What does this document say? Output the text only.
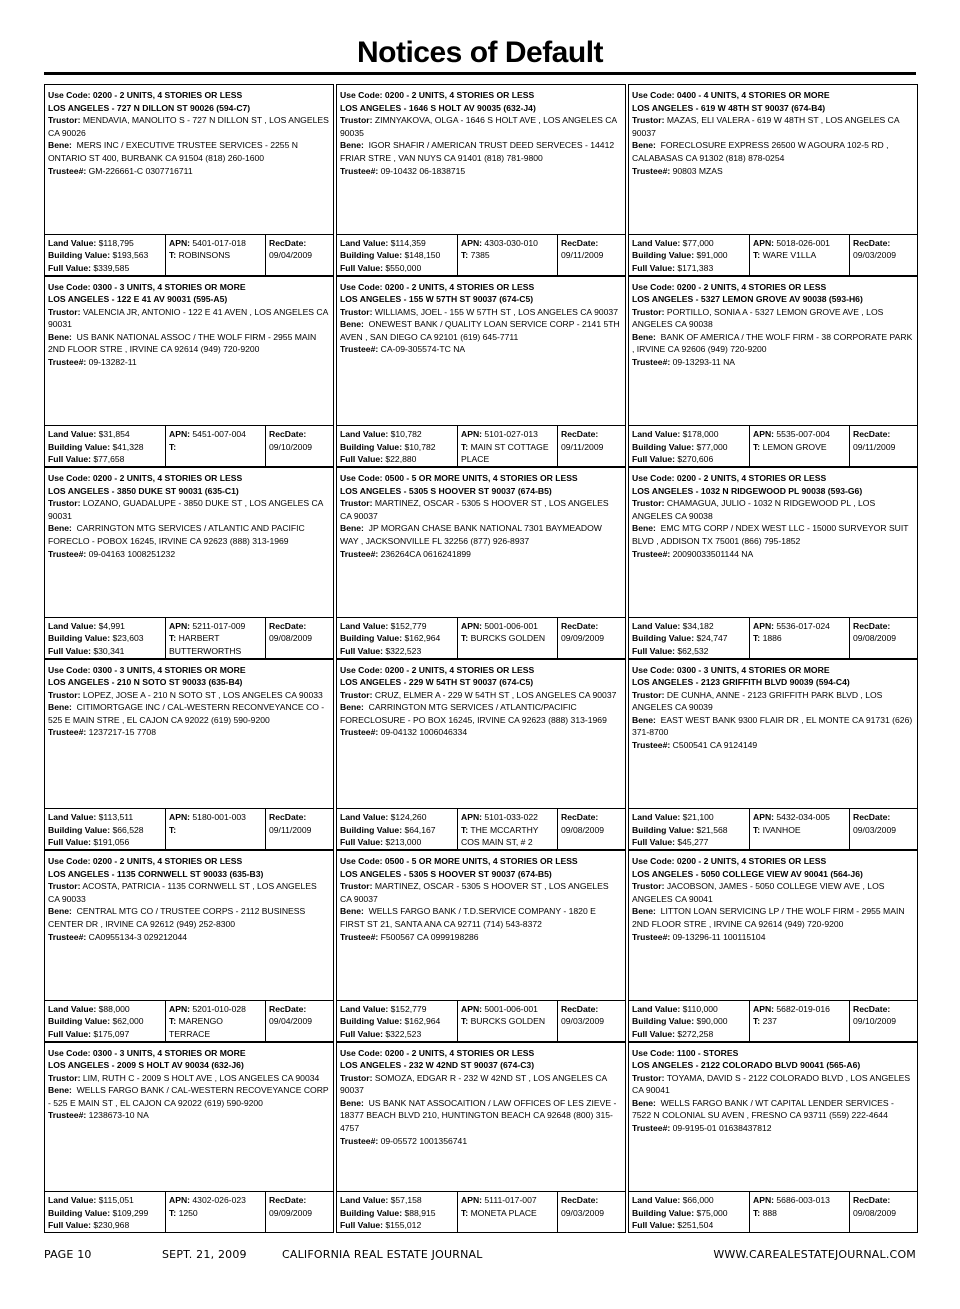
Notices of Default
Use Code: 0200 - 2 UNITS, 4 STORIES OR LESS
LOS ANGELES - 727 N DILLON ST 90026 (594-C7)
Trustor: MENDAVIA, MANOLITO S - 727 N DILLON ST , LOS ANGELES CA 90026
Bene: MERS INC / EXECUTIVE TRUSTEE SERVICES - 2255 N ONTARIO ST 400, BURBANK CA 91504 (818) 260-1600
Trustee#: GM-226661-C 0307716711
Land Value: $118,795
Building Value: $193,563
Full Value: $339,585
APN: 5401-017-018
T: ROBINSONS
RecDate:
09/04/2009
Use Code: 0200 - 2 UNITS, 4 STORIES OR LESS
LOS ANGELES - 1646 S HOLT AV 90035 (632-J4)
Trustor: ZIMNYAKOVA, OLGA - 1646 S HOLT AVE , LOS ANGELES CA 90035
Bene: IGOR SHAFIR / AMERICAN TRUST DEED SERVECES - 14412 FRIAR STRE , VAN NUYS CA 91401 (818) 781-9800
Trustee#: 09-10432 06-1838715
Land Value: $114,359
Building Value: $148,150
Full Value: $550,000
APN: 4303-030-010
T: 7385
RecDate:
09/11/2009
Use Code: 0400 - 4 UNITS, 4 STORIES OR MORE
LOS ANGELES - 619 W 48TH ST 90037 (674-B4)
Trustor: MAZAS, ELI VALERA - 619 W 48TH ST , LOS ANGELES CA 90037
Bene: FORECLOSURE EXPRESS 26500 W AGOURA 102-5 RD , CALABASAS CA 91302 (818) 878-0254
Trustee#: 90803 MZAS
Land Value: $77,000
Building Value: $91,000
Full Value: $171,383
APN: 5018-026-001
T: WARE V1LLA
RecDate:
09/03/2009
Use Code: 0300 - 3 UNITS, 4 STORIES OR MORE
LOS ANGELES - 122 E 41 AV 90031 (595-A5)
Trustor: VALENCIA JR, ANTONIO - 122 E 41 AVEN , LOS ANGELES CA 90031
Bene: US BANK NATIONAL ASSOC / THE WOLF FIRM - 2955 MAIN 2ND FLOOR STRE , IRVINE CA 92614 (949) 720-9200
Trustee#: 09-13282-11
Land Value: $31,854
Building Value: $41,328
Full Value: $77,658
APN: 5451-007-004
T:
RecDate:
09/10/2009
Use Code: 0200 - 2 UNITS, 4 STORIES OR LESS
LOS ANGELES - 155 W 57TH ST 90037 (674-C5)
Trustor: WILLIAMS, JOEL - 155 W 57TH ST , LOS ANGELES CA 90037
Bene: ONEWEST BANK / QUALITY LOAN SERVICE CORP - 2141 5TH AVEN , SAN DIEGO CA 92101 (619) 645-7711
Trustee#: CA-09-305574-TC NA
Land Value: $10,782
Building Value: $10,782
Full Value: $22,880
APN: 5101-027-013
T: MAIN ST COTTAGE PLACE
RecDate:
09/11/2009
Use Code: 0200 - 2 UNITS, 4 STORIES OR LESS
LOS ANGELES - 5327 LEMON GROVE AV 90038 (593-H6)
Trustor: PORTILLO, SONIA A - 5327 LEMON GROVE AVE , LOS ANGELES CA 90038
Bene: BANK OF AMERICA / THE WOLF FIRM - 38 CORPORATE PARK , IRVINE CA 92606 (949) 720-9200
Trustee#: 09-13293-11 NA
Land Value: $178,000
Building Value: $77,000
Full Value: $270,606
APN: 5535-007-004
T: LEMON GROVE
RecDate:
09/11/2009
Use Code: 0200 - 2 UNITS, 4 STORIES OR LESS
LOS ANGELES - 3850 DUKE ST 90031 (635-C1)
Trustor: LOZANO, GUADALUPE - 3850 DUKE ST , LOS ANGELES CA 90031
Bene: CARRINGTON MTG SERVICES / ATLANTIC AND PACIFIC FORECLO - POBOX 16245, IRVINE CA 92623 (888) 313-1969
Trustee#: 09-04163 1008251232
Land Value: $4,991
Building Value: $23,603
Full Value: $30,341
APN: 5211-017-009
T: HARBERT BUTTERWORTHS
RecDate:
09/08/2009
Use Code: 0500 - 5 OR MORE UNITS, 4 STORIES OR LESS
LOS ANGELES - 5305 S HOOVER ST 90037 (674-B5)
Trustor: MARTINEZ, OSCAR - 5305 S HOOVER ST , LOS ANGELES CA 90037
Bene: JP MORGAN CHASE BANK NATIONAL 7301 BAYMEADOW WAY , JACKSONVILLE FL 32256 (877) 926-8937
Trustee#: 236264CA 0616241899
Land Value: $152,779
Building Value: $162,964
Full Value: $322,523
APN: 5001-006-001
T: BURCKS GOLDEN
RecDate:
09/09/2009
Use Code: 0200 - 2 UNITS, 4 STORIES OR LESS
LOS ANGELES - 1032 N RIDGEWOOD PL 90038 (593-G6)
Trustor: CHAMAGUA, JULIO - 1032 N RIDGEWOOD PL , LOS ANGELES CA 90038
Bene: EMC MTG CORP / NDEX WEST LLC - 15000 SURVEYOR SUIT BLVD , ADDISON TX 75001 (866) 795-1852
Trustee#: 20090033501144 NA
Land Value: $34,182
Building Value: $24,747
Full Value: $62,532
APN: 5536-017-024
T: 1886
RecDate:
09/08/2009
Use Code: 0300 - 3 UNITS, 4 STORIES OR MORE
LOS ANGELES - 210 N SOTO ST 90033 (635-B4)
Trustor: LOPEZ, JOSE A - 210 N SOTO ST , LOS ANGELES CA 90033
Bene: CITIMORTGAGE INC / CAL-WESTERN RECONVEYANCE CO - 525 E MAIN STRE , EL CAJON CA 92022 (619) 590-9200
Trustee#: 1237217-15 7708
Land Value: $113,511
Building Value: $66,528
Full Value: $191,056
APN: 5180-001-003
T:
RecDate:
09/11/2009
Use Code: 0200 - 2 UNITS, 4 STORIES OR LESS
LOS ANGELES - 229 W 54TH ST 90037 (674-C5)
Trustor: CRUZ, ELMER A - 229 W 54TH ST , LOS ANGELES CA 90037
Bene: CARRINGTON MTG SERVICES / ATLANTIC/PACIFIC FORECLOSURE - PO BOX 16245, IRVINE CA 92623 (888) 313-1969
Trustee#: 09-04132 1006046334
Land Value: $124,260
Building Value: $64,167
Full Value: $213,000
APN: 5101-033-022
T: THE MCCARTHY COS MAIN ST, # 2
RecDate:
09/08/2009
Use Code: 0300 - 3 UNITS, 4 STORIES OR MORE
LOS ANGELES - 2123 GRIFFITH BLVD 90039 (594-C4)
Trustor: DE CUNHA, ANNE - 2123 GRIFFITH PARK BLVD , LOS ANGELES CA 90039
Bene: EAST WEST BANK 9300 FLAIR DR , EL MONTE CA 91731 (626) 371-8700
Trustee#: C500541 CA 9124149
Land Value: $21,100
Building Value: $21,568
Full Value: $45,277
APN: 5432-034-005
T: IVANHOE
RecDate:
09/03/2009
Use Code: 0200 - 2 UNITS, 4 STORIES OR LESS
LOS ANGELES - 1135 CORNWELL ST 90033 (635-B3)
Trustor: ACOSTA, PATRICIA - 1135 CORNWELL ST , LOS ANGELES CA 90033
Bene: CENTRAL MTG CO / TRUSTEE CORPS - 2112 BUSINESS CENTER DR , IRVINE CA 92612 (949) 252-8300
Trustee#: CA0955134-3 029212044
Land Value: $88,000
Building Value: $62,000
Full Value: $175,097
APN: 5201-010-028
T: MARENGO TERRACE
RecDate:
09/04/2009
Use Code: 0500 - 5 OR MORE UNITS, 4 STORIES OR LESS
LOS ANGELES - 5305 S HOOVER ST 90037 (674-B5)
Trustor: MARTINEZ, OSCAR - 5305 S HOOVER ST , LOS ANGELES CA 90037
Bene: WELLS FARGO BANK / T.D.SERVICE COMPANY - 1820 E FIRST ST 21, SANTA ANA CA 92711 (714) 543-8372
Trustee#: F500567 CA 0999198286
Land Value: $152,779
Building Value: $162,964
Full Value: $322,523
APN: 5001-006-001
T: BURCKS GOLDEN
RecDate:
09/03/2009
Use Code: 0200 - 2 UNITS, 4 STORIES OR LESS
LOS ANGELES - 5050 COLLEGE VIEW AV 90041 (564-J6)
Trustor: JACOBSON, JAMES - 5050 COLLEGE VIEW AVE , LOS ANGELES CA 90041
Bene: LITTON LOAN SERVICING LP / THE WOLF FIRM - 2955 MAIN 2ND FLOOR STRE , IRVINE CA 92614 (949) 720-9200
Trustee#: 09-13296-11 100115104
Land Value: $110,000
Building Value: $90,000
Full Value: $272,258
APN: 5682-019-016
T: 237
RecDate:
09/10/2009
Use Code: 0300 - 3 UNITS, 4 STORIES OR MORE
LOS ANGELES - 2009 S HOLT AV 90034 (632-J6)
Trustor: LIM, RUTH C - 2009 S HOLT AVE , LOS ANGELES CA 90034
Bene: WELLS FARGO BANK / CAL-WESTERN RECOVEYANCE CORP - 525 E MAIN ST , EL CAJON CA 92022 (619) 590-9200
Trustee#: 1238673-10 NA
Land Value: $115,051
Building Value: $109,299
Full Value: $230,968
APN: 4302-026-023
T: 1250
RecDate:
09/09/2009
Use Code: 0200 - 2 UNITS, 4 STORIES OR LESS
LOS ANGELES - 232 W 42ND ST 90037 (674-C3)
Trustor: SOMOZA, EDGAR R - 232 W 42ND ST , LOS ANGELES CA 90037
Bene: US BANK NAT ASSOCAITION / LAW OFFICES OF LES ZIEVE - 18377 BEACH BLVD 210, HUNTINGTON BEACH CA 92648 (800) 315-4757
Trustee#: 09-05572 1001356741
Land Value: $57,158
Building Value: $88,915
Full Value: $155,012
APN: 5111-017-007
T: MONETA PLACE
RecDate:
09/03/2009
Use Code: 1100 - STORES
LOS ANGELES - 2122 COLORADO BLVD 90041 (565-A6)
Trustor: TOYAMA, DAVID S - 2122 COLORADO BLVD , LOS ANGELES CA 90041
Bene: WELLS FARGO BANK / WT CAPITAL LENDER SERVICES - 7522 N COLONIAL SU AVEN , FRESNO CA 93711 (559) 222-4644
Trustee#: 09-9195-01 01638437812
Land Value: $66,000
Building Value: $75,000
Full Value: $251,504
APN: 5686-003-013
T: 888
RecDate:
09/08/2009
PAGE 10	SEPT. 21, 2009	CALIFORNIA REAL ESTATE JOURNAL	WWW.CAREALESTATEJOURNAL.COM
